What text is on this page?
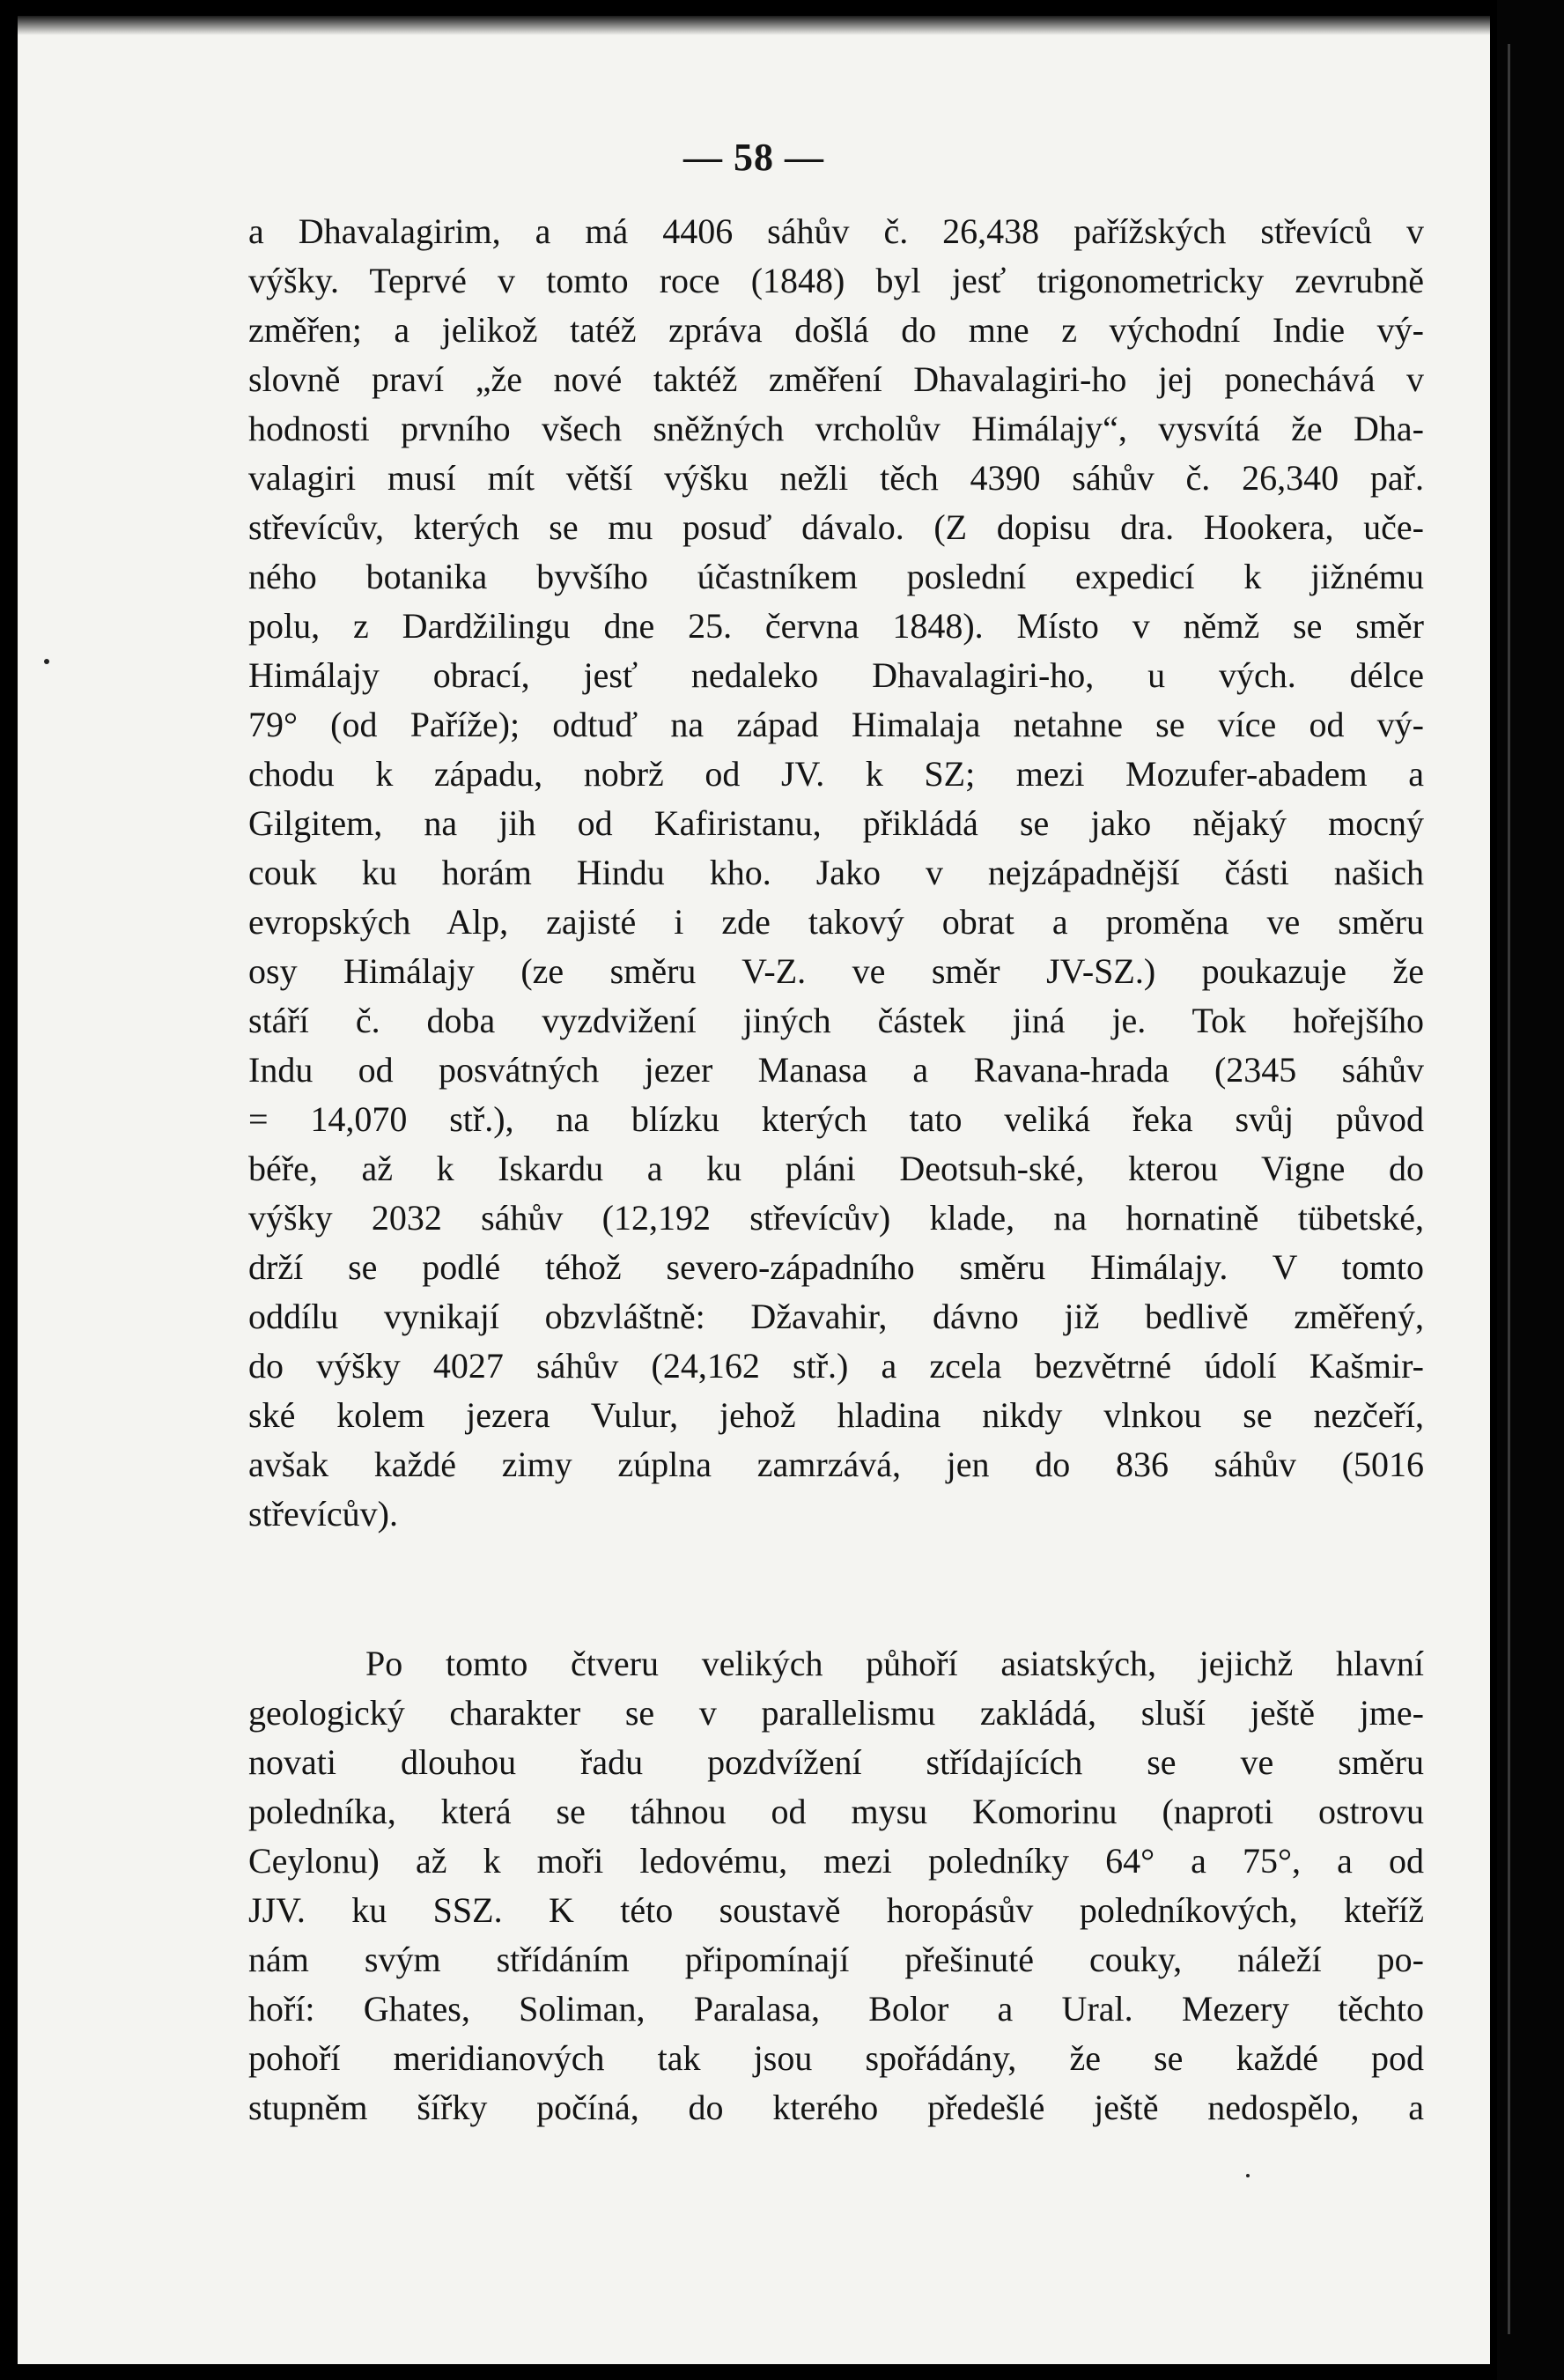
— 58 —
a Dhavalagirim, a má 4406 sáhův č. 26,438 pařížských střevíců v
výšky. Teprvé v tomto roce (1848) byl jesť trigonometricky zevrubně
změřen; a jelikož tatéž zpráva došlá do mne z východní Indie vý-
slovně praví „že nové taktéž změření Dhavalagiri-ho jej ponechává v
hodnosti prvního všech sněžných vrcholův Himálajy“, vysvítá že Dha-
valagiri musí mít větší výšku nežli těch 4390 sáhův č. 26,340 pař.
střevícův, kterých se mu posuď dávalo. (Z dopisu dra. Hookera, uče-
ného botanika byvšího účastníkem poslední expedicí k jižnému
polu, z Dardžilingu dne 25. června 1848). Místo v němž se směr
Himálajy obrací, jesť nedaleko Dhavalagiri-ho, u vých. délce
79° (od Paříže); odtuď na západ Himalaja netahne se více od vý-
chodu k západu, nobrž od JV. k SZ; mezi Mozufer-abadem a
Gilgitem, na jih od Kafiristanu, přikládá se jako nějaký mocný
couk ku horám Hindu kho. Jako v nejzápadnější části našich
evropských Alp, zajisté i zde takový obrat a proměna ve směru
osy Himálajy (ze směru V-Z. ve směr JV-SZ.) poukazuje že
stáří č. doba vyzdvižení jiných částek jiná je. Tok hořejšího
Indu od posvátných jezer Manasa a Ravana-hrada (2345 sáhův
= 14,070 stř.), na blízku kterých tato veliká řeka svůj původ
béře, až k Iskardu a ku pláni Deotsuh-ské, kterou Vigne do
výšky 2032 sáhův (12,192 střevícův) klade, na hornatině tübetské,
drží se podlé téhož severo-západního směru Himálajy. V tomto
oddílu vynikají obzvláštně: Džavahir, dávno již bedlivě změřený,
do výšky 4027 sáhův (24,162 stř.) a zcela bezvětrné údolí Kašmir-
ské kolem jezera Vulur, jehož hladina nikdy vlnkou se nezčeří,
avšak každé zimy zúplna zamrzává, jen do 836 sáhův (5016
střevícův).
Po tomto čtveru velikých půhoří asiatských, jejichž hlavní
geologický charakter se v parallelismu zakládá, sluší ještě jme-
novati dlouhou řadu pozdvížení střídajících se ve směru
poledníka, která se táhnou od mysu Komorinu (naproti ostrovu
Ceylonu) až k moři ledovému, mezi poledníky 64° a 75°, a od
JJV. ku SSZ. K této soustavě horopásův poledníkových, kteříž
nám svým střídáním připomínají přešinuté couky, náleží po-
hoří: Ghates, Soliman, Paralasa, Bolor a Ural. Mezery těchto
pohoří meridianových tak jsou spořádány, že se každé pod
stupněm šířky počíná, do kterého předešlé ještě nedospělo, a
